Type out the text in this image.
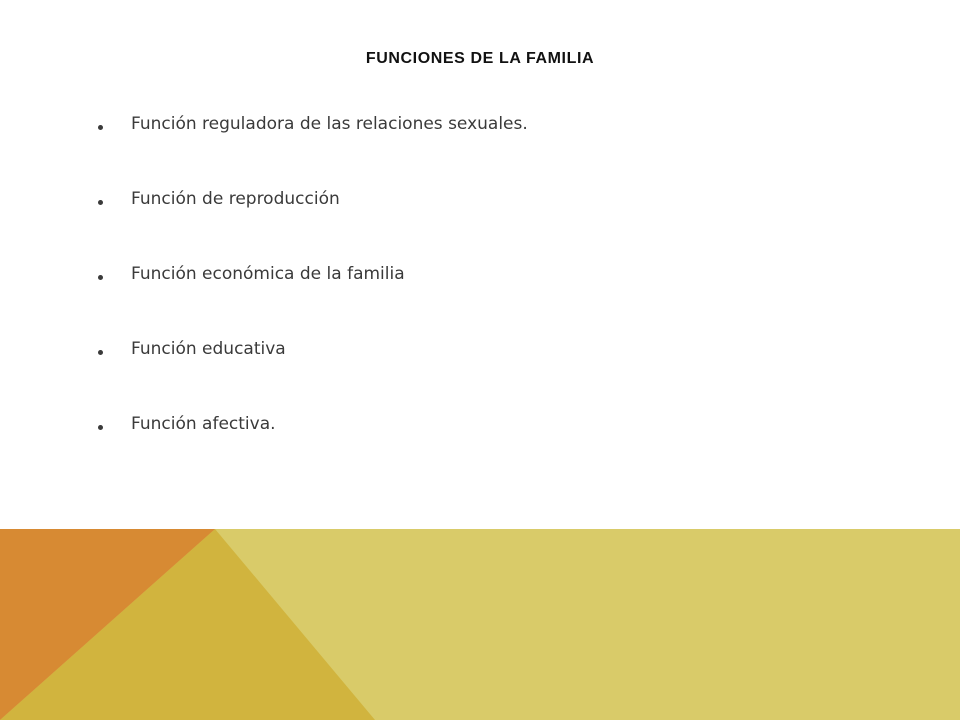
FUNCIONES DE LA FAMILIA
Función reguladora de las relaciones sexuales.
Función de reproducción
Función económica de la familia
Función educativa
Función afectiva.
